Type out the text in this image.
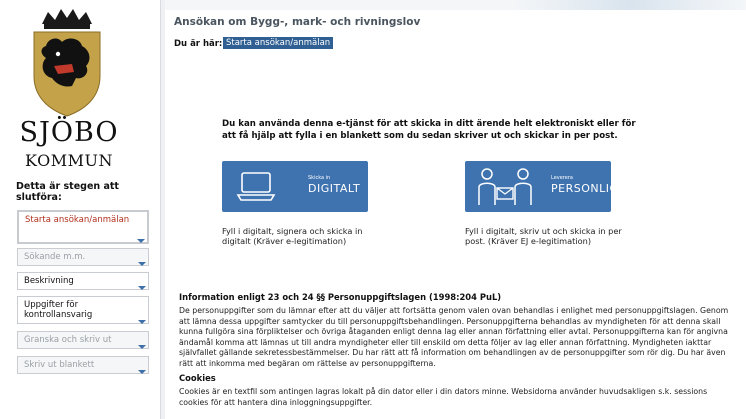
SJÖBO
KOMMUN
Detta är stegen att slutföra:
Starta ansökan/anmälan
Sökande m.m.
Beskrivning
Uppgifter för kontrollansvarig
Granska och skriv ut
Skriv ut blankett
Ansökan om Bygg-, mark- och rivningslov
Du är här: Starta ansökan/anmälan
Du kan använda denna e-tjänst för att skicka in ditt ärende helt elektroniskt eller för att få hjälp att fylla i en blankett som du sedan skriver ut och skickar in per post.
Skicka in
DIGITALT
Leverera
PERSONLIGT
Fyll i digitalt, signera och skicka in digitalt (Kräver e-legitimation)
Fyll i digitalt, skriv ut och skicka in per post. (Kräver EJ e-legitimation)
Information enligt 23 och 24 §§ Personuppgiftslagen (1998:204 PuL)
De personuppgifter som du lämnar efter att du väljer att fortsätta genom valen ovan behandlas i enlighet med personuppgiftslagen. Genom att lämna dessa uppgifter samtycker du till personuppgiftsbehandlingen. Personuppgifterna behandlas av myndigheten för att denna skall kunna fullgöra sina förpliktelser och övriga åtaganden enligt denna lag eller annan författning eller avtal. Personuppgifterna kan för angivna ändamål komma att lämnas ut till andra myndigheter eller till enskild om detta följer av lag eller annan författning. Myndigheten iakttar självfallet gällande sekretessbestämmelser. Du har rätt att få information om behandlingen av de personuppgifter som rör dig. Du har även rätt att inkomma med begäran om rättelse av personuppgifterna.
Cookies
Cookies är en textfil som antingen lagras lokalt på din dator eller i din dators minne. Websidorna använder huvudsakligen s.k. sessions cookies för att hantera dina inloggningsuppgifter.
